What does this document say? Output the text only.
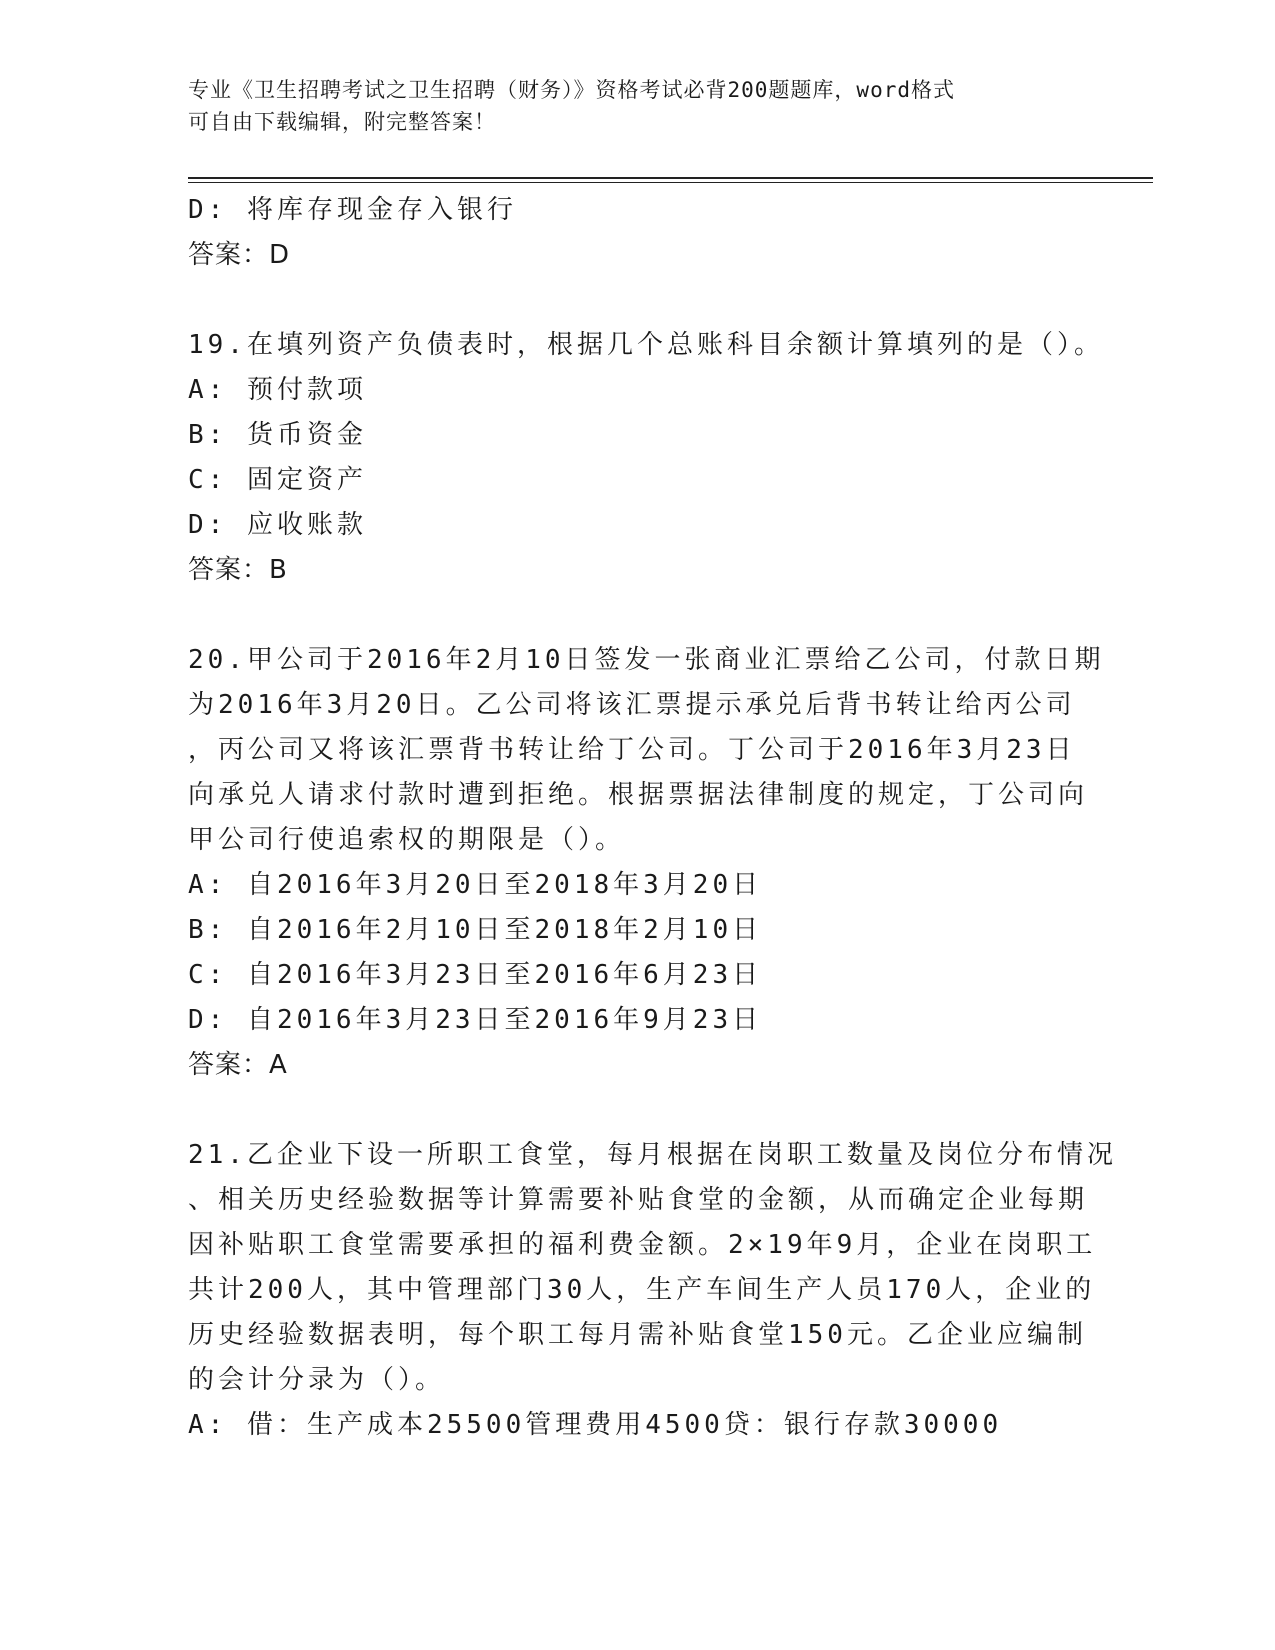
专业《卫生招聘考试之卫生招聘（财务）》资格考试必背200题题库，word格式
可自由下载编辑，附完整答案！
D: 将库存现金存入银行
答案：D
19.在填列资产负债表时，根据几个总账科目余额计算填列的是（）。
A: 预付款项
B: 货币资金
C: 固定资产
D: 应收账款
答案：B
20.甲公司于2016年2月10日签发一张商业汇票给乙公司，付款日期
为2016年3月20日。乙公司将该汇票提示承兑后背书转让给丙公司
，丙公司又将该汇票背书转让给丁公司。丁公司于2016年3月23日
向承兑人请求付款时遭到拒绝。根据票据法律制度的规定，丁公司向
甲公司行使追索权的期限是（）。
A: 自2016年3月20日至2018年3月20日
B: 自2016年2月10日至2018年2月10日
C: 自2016年3月23日至2016年6月23日
D: 自2016年3月23日至2016年9月23日
答案：A
21.乙企业下设一所职工食堂，每月根据在岗职工数量及岗位分布情况
、相关历史经验数据等计算需要补贴食堂的金额，从而确定企业每期
因补贴职工食堂需要承担的福利费金额。2×19年9月，企业在岗职工
共计200人，其中管理部门30人，生产车间生产人员170人，企业的
历史经验数据表明，每个职工每月需补贴食堂150元。乙企业应编制
的会计分录为（）。
A: 借：生产成本25500管理费用4500贷：银行存款30000
